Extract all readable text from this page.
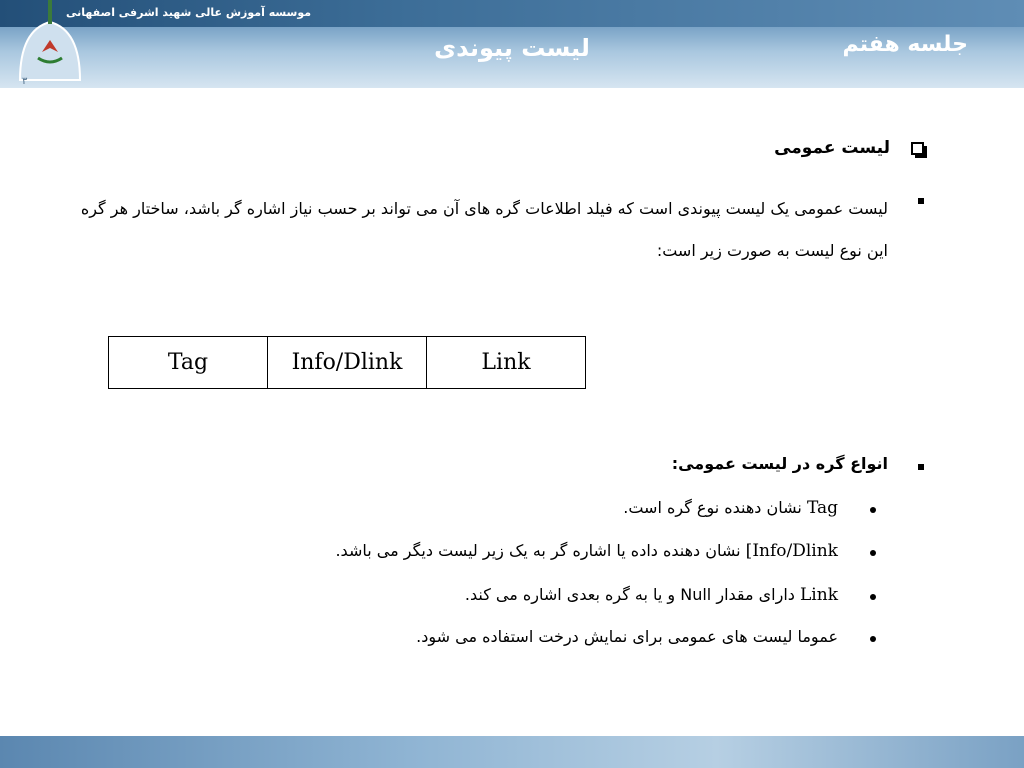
۳
موسسه آموزش عالی شهید اشرفی اصفهانی
لیست پیوندی	جلسه هفتم
لیست عمومی
لیست عمومی یک لیست پیوندی است که فیلد اطلاعات گره های آن می تواند بر حسب نیاز اشاره گر باشد، ساختار هر گره این نوع لیست به صورت زیر است:
Tag	Info/Dlink	Link
انواع گره در لیست عمومی:
Tag نشان دهنده نوع گره است.
Info/Dlink] نشان دهنده داده یا اشاره گر به یک زیر لیست دیگر می باشد.
Link دارای مقدار Null و یا به گره بعدی اشاره می کند.
عموما لیست های عمومی برای نمایش درخت استفاده می شود.
